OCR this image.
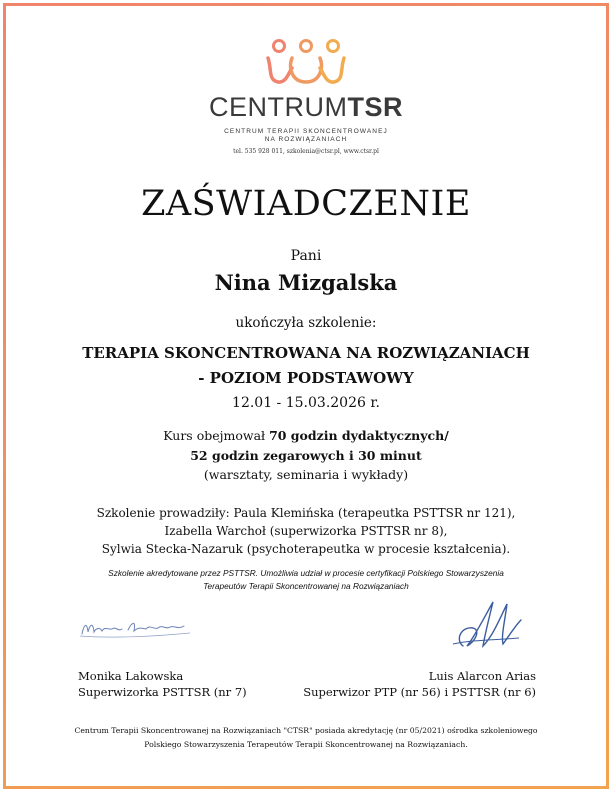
CENTRUMTSR
CENTRUM TERAPII SKONCENTROWANEJ
NA ROZWIĄZANIACH
tel. 535 928 011, szkolenia@ctsr.pl, www.ctsr.pl
ZAŚWIADCZENIE
Pani
Nina Mizgalska
ukończyła szkolenie:
TERAPIA SKONCENTROWANA NA ROZWIĄZANIACH
- POZIOM PODSTAWOWY
12.01 - 15.03.2026 r.
Kurs obejmował 70 godzin dydaktycznych/
52 godzin zegarowych i 30 minut
(warsztaty, seminaria i wykłady)
Szkolenie prowadziły: Paula Klemińska (terapeutka PSTTSR nr 121),
Izabella Warchoł (superwizorka PSTTSR nr 8),
Sylwia Stecka-Nazaruk (psychoterapeutka w procesie kształcenia).
Szkolenie akredytowane przez PSTTSR. Umożliwia udział w procesie certyfikacji Polskiego Stowarzyszenia
Terapeutów Terapii Skoncentrowanej na Rozwiązaniach
Monika Lakowska
Superwizorka PSTTSR (nr 7)
Luis Alarcon Arias
Superwizor PTP (nr 56) i PSTTSR (nr 6)
Centrum Terapii Skoncentrowanej na Rozwiązaniach "CTSR" posiada akredytację (nr 05/2021) ośrodka szkoleniowego
Polskiego Stowarzyszenia Terapeutów Terapii Skoncentrowanej na Rozwiązaniach.
